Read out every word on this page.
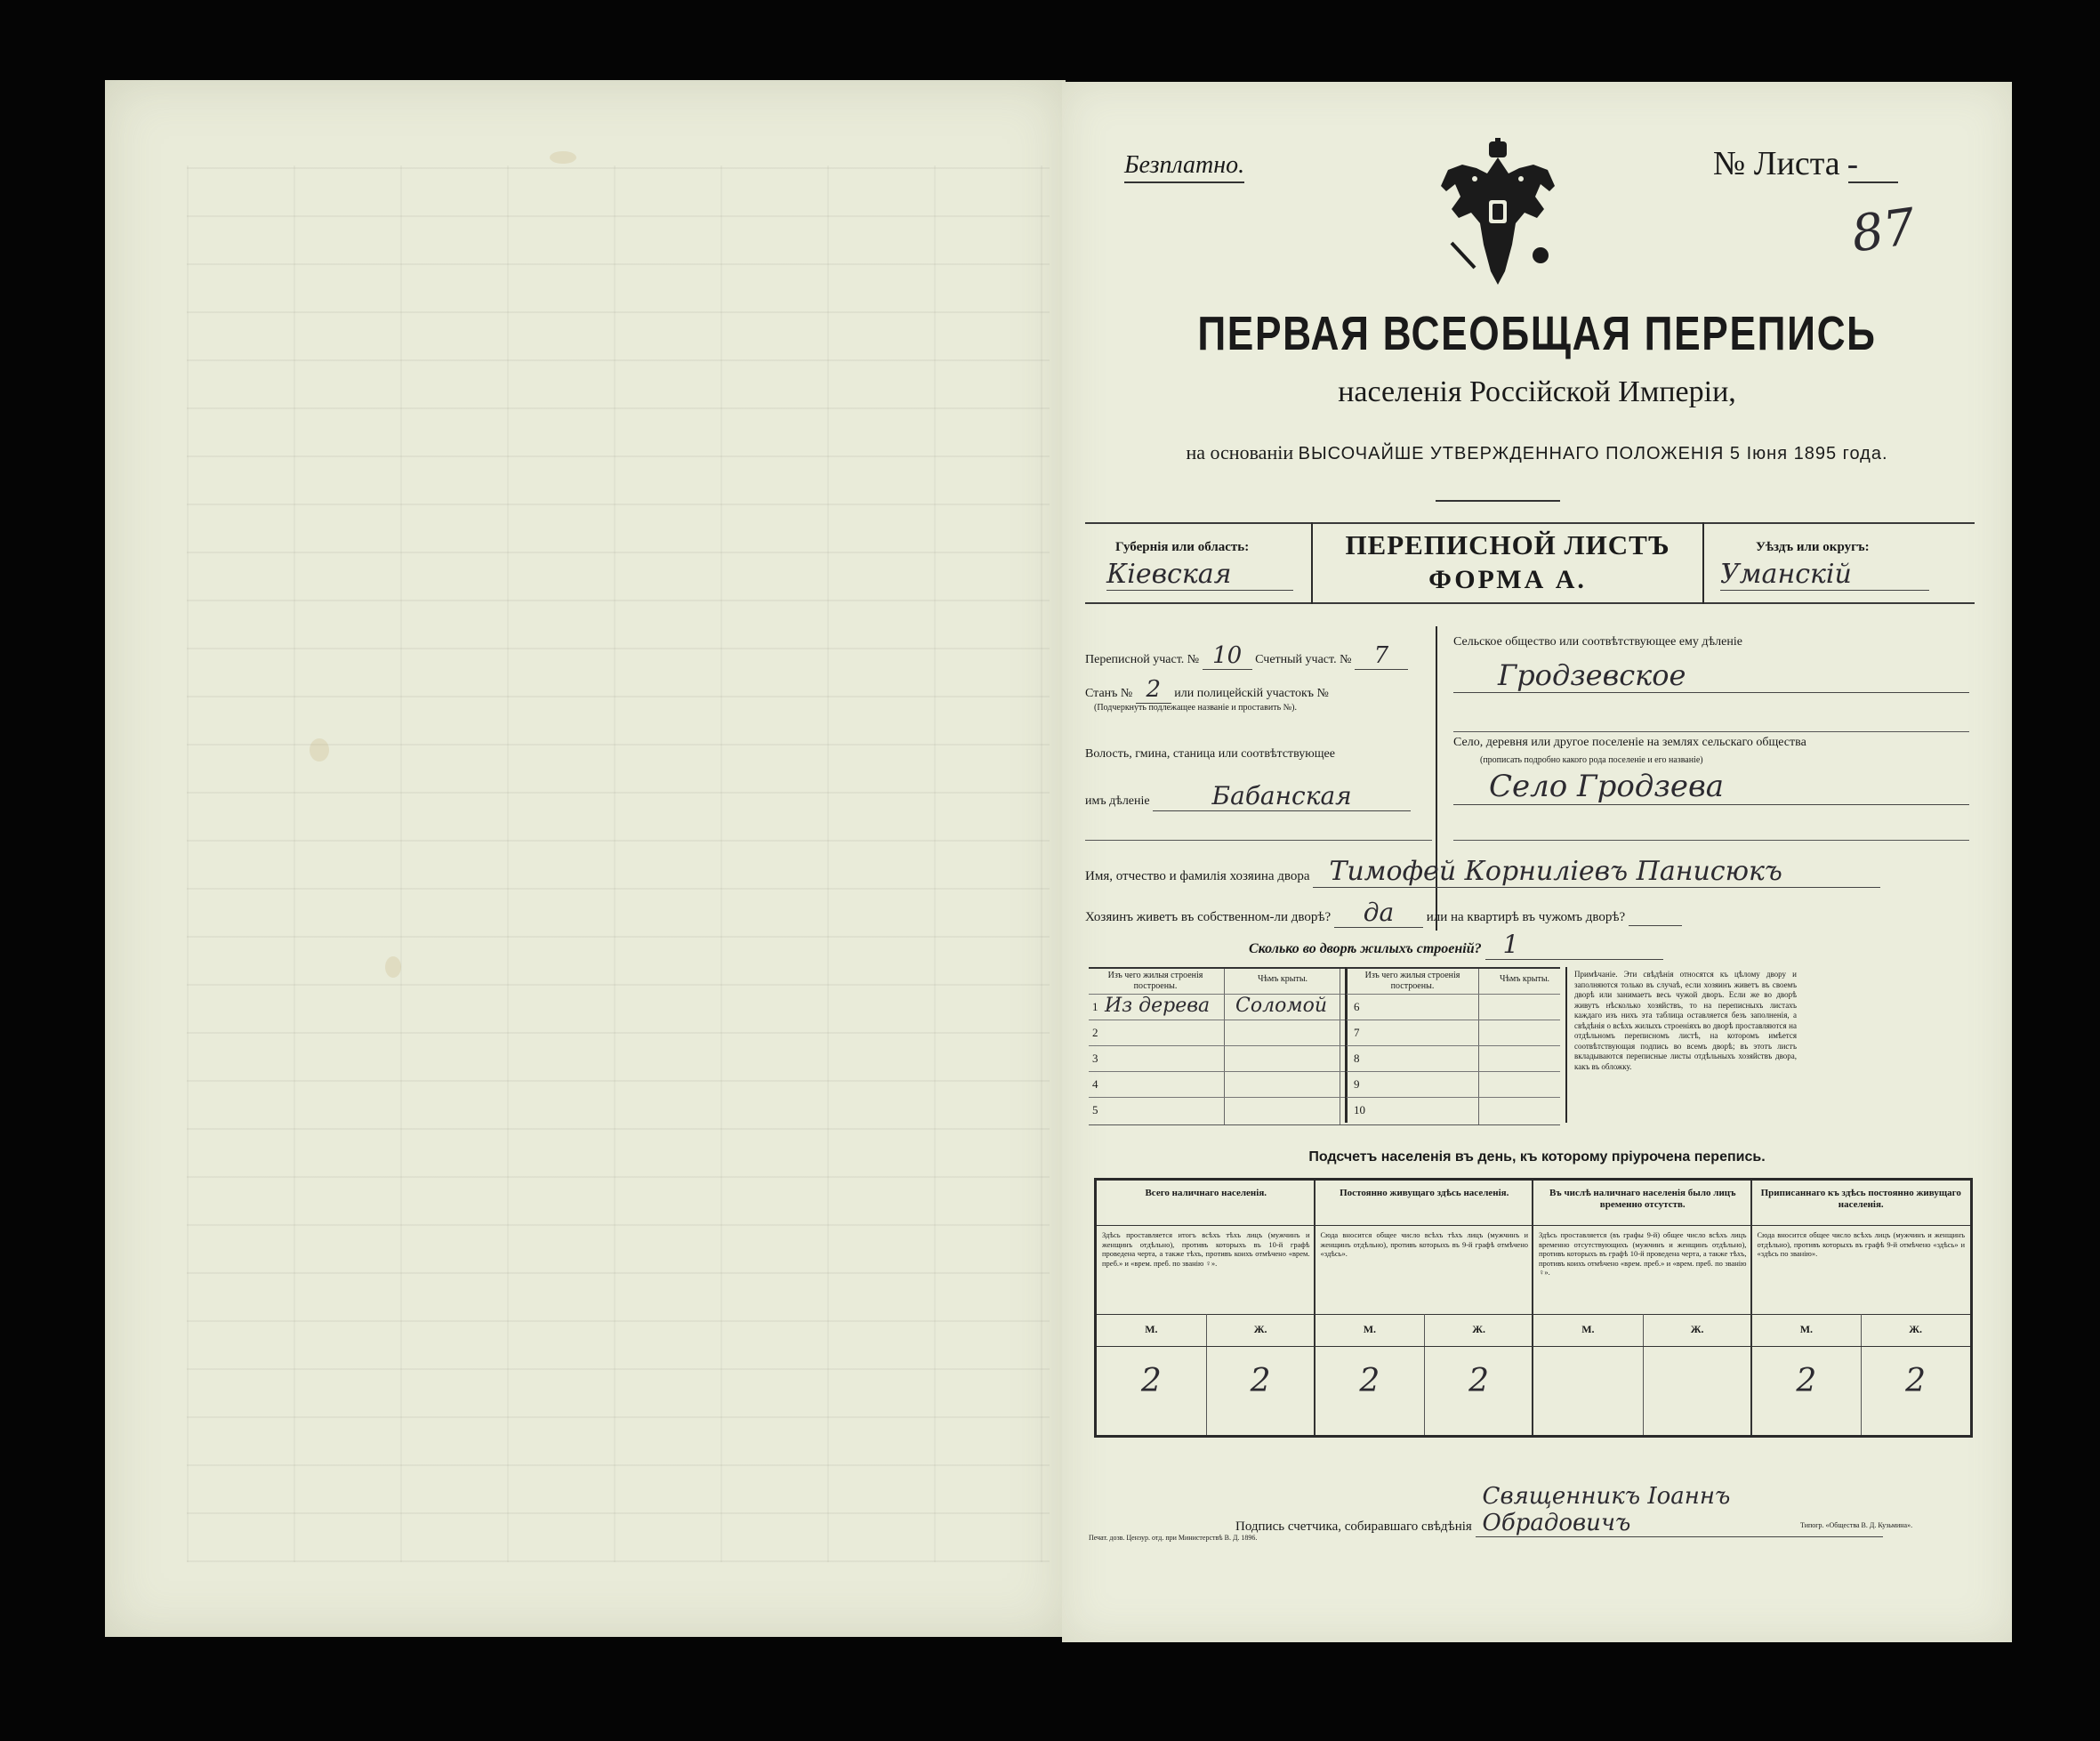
Безплатно.	№ Листа
87
ПЕРВАЯ ВСЕОБЩАЯ ПЕРЕПИСЬ
населенія Россійской Имперіи,
на основаніи ВЫСОЧАЙШЕ УТВЕРЖДЕННАГО ПОЛОЖЕНІЯ 5 Іюня 1895 года.
Губернія или область:
Кіевская
ПЕРЕПИСНОЙ ЛИСТЪ
ФОРМА А.
Уѣздъ или округъ:
Уманскій
Переписной участ. № 10 Счетный участ. № 7
Станъ № 2 или полицейскій участокъ №
(Подчеркнуть подлежащее названіе и проставить №).
Волость, гмина, станица или соотвѣтствующее
имъ дѣленіе Бабанская
Сельское общество или соотвѣтствующее ему дѣленіе
Гродзевское
Село, деревня или другое поселеніе на землях сельскаго общества
(прописать подробно какого рода поселеніе и его названіе)
Село Гродзева
Имя, отчество и фамилія хозяина двора Тимофей Корниліевъ Панисюкъ
Хозяинъ живетъ въ собственном-ли дворѣ? да или на квартирѣ въ чужомъ дворѣ?
Сколько во дворѣ жилыхъ строеній? 1
Изъ чего жилыя строенія построены.
Чѣмъ крыты.
1 Из дерева Соломой
2
3
4
5
Изъ чего жилыя строенія построены.
Чѣмъ крыты.
6
7
8
9
10
Примѣчаніе. Эти свѣдѣнія относятся къ цѣлому двору и заполняются только въ случаѣ, если хозяинъ живетъ въ своемъ дворѣ или занимаетъ весь чужой дворъ. Если же во дворѣ живутъ нѣсколько хозяйствъ, то на переписныхъ листахъ каждаго изъ нихъ эта таблица оставляется безъ заполненія, а свѣдѣнія о всѣхъ жилыхъ строеніяхъ во дворѣ проставляются на отдѣльномъ переписномъ листѣ, на которомъ имѣется соотвѣтствующая подпись во всемъ дворѣ; въ этотъ листъ вкладываются переписные листы отдѣльныхъ хозяйствъ двора, какъ въ обложку.
Подсчетъ населенія въ день, къ которому пріурочена перепись.
Всего наличнаго населенія.
Здѣсь проставляется итогъ всѣхъ тѣхъ лицъ (мужчинъ и женщинъ отдѣльно), противъ которыхъ въ 10-й графѣ проведена черта, а также тѣхъ, противъ коихъ отмѣчено «врем. преб.» и «врем. преб. по званію ♀».
М.	Ж.
2	2
Постоянно живущаго здѣсь населенія.
Сюда вносится общее число всѣхъ тѣхъ лицъ (мужчинъ и женщинъ отдѣльно), противъ которыхъ въ 9-й графѣ отмѣчено «здѣсь».
М.	Ж.
2	2
Въ числѣ наличнаго населенія было лицъ временно отсутств.
Здѣсь проставляется (въ графы 9-й) общее число всѣхъ лицъ временно отсутствующихъ (мужчинъ и женщинъ отдѣльно), противъ которыхъ въ графѣ 10-й проведена черта, а также тѣхъ, противъ коихъ отмѣчено «врем. преб.» и «врем. преб. по званію ♀».
М.	Ж.
Приписаннаго къ здѣсь постоянно живущаго населенія.
Сюда вносится общее число всѣхъ лицъ (мужчинъ и женщинъ отдѣльно), противъ которыхъ въ графѣ 9-й отмѣчено «здѣсь» и «здѣсь по званію».
М.	Ж.
2	2
Подпись счетчика, собиравшаго свѣдѣнія Священникъ Іоаннъ Обрадовичъ
Печат. дозв. Цензур. отд. при Министерствѣ В. Д. 1896.
Типогр. «Общества В. Д. Кузьмина».
